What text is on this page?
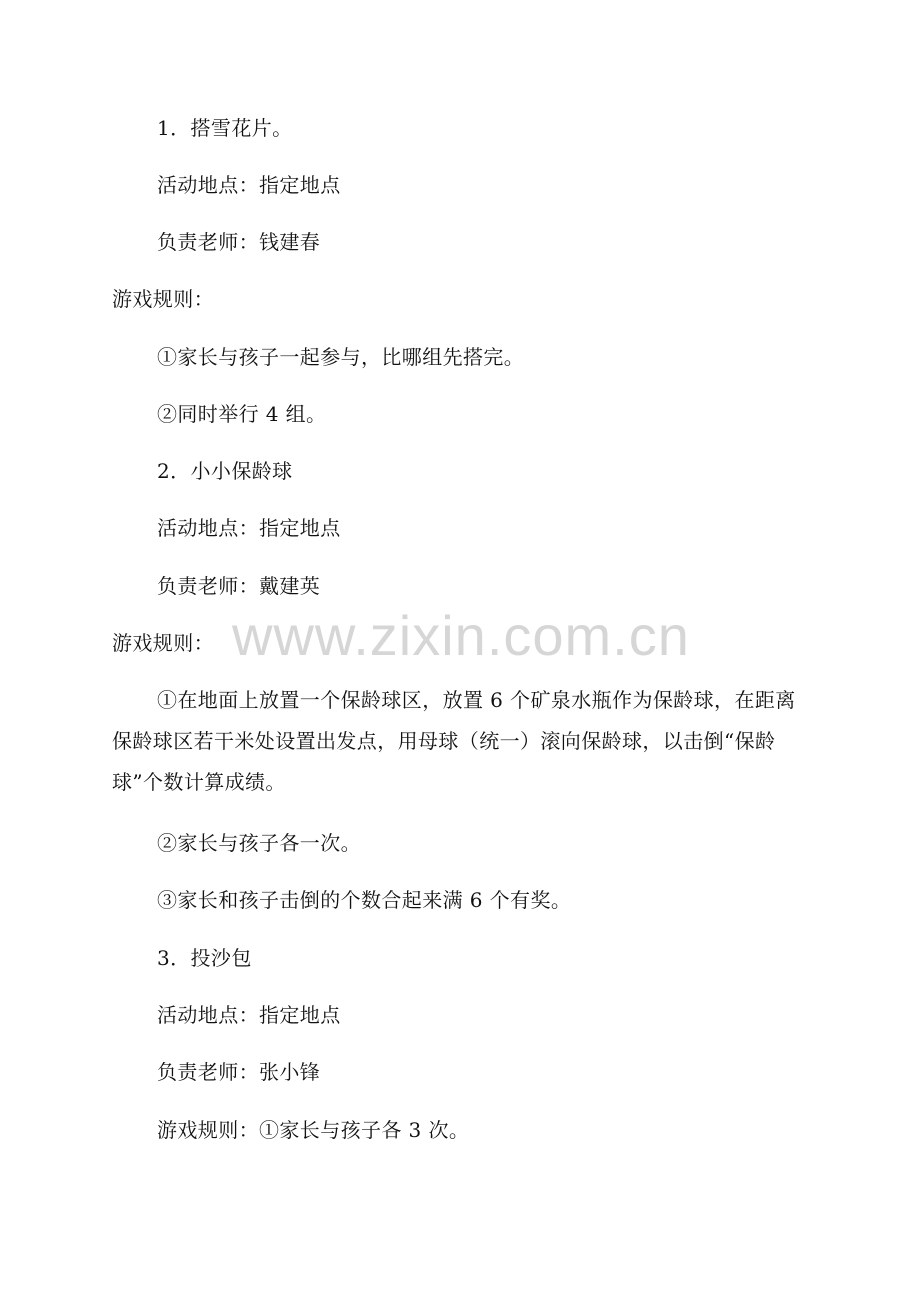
1．搭雪花片。
活动地点：指定地点
负责老师：钱建春
游戏规则：
①家长与孩子一起参与，比哪组先搭完。
②同时举行 4 组。
2．小小保龄球
活动地点：指定地点
负责老师：戴建英
游戏规则：
①在地面上放置一个保龄球区，放置 6 个矿泉水瓶作为保龄球，在距离保龄球区若干米处设置出发点，用母球（统一）滚向保龄球，以击倒“保龄球”个数计算成绩。
②家长与孩子各一次。
③家长和孩子击倒的个数合起来满 6 个有奖。
3．投沙包
活动地点：指定地点
负责老师：张小锋
游戏规则：①家长与孩子各 3 次。
www.zixin.com.cn
